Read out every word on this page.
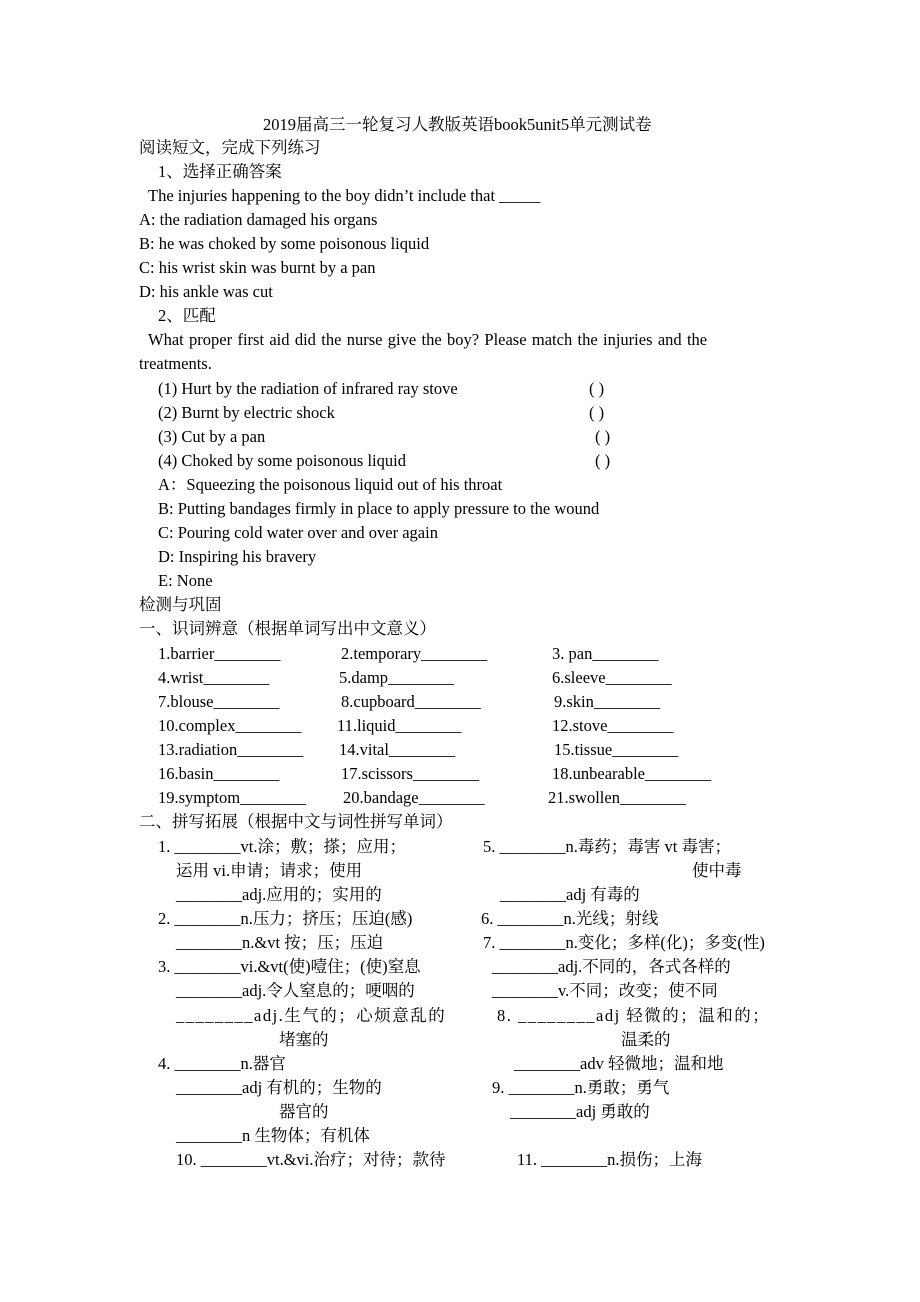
2019届高三一轮复习人教版英语book5unit5单元测试卷
阅读短文，完成下列练习
1、选择正确答案
The injuries happening to the boy didn’t include that _____
A: the radiation damaged his organs
B: he was choked by some poisonous liquid
C: his wrist skin was burnt by a pan
D: his ankle was cut
2、匹配
What proper first aid did the nurse give the boy? Please match the injuries and the
treatments.
(1) Hurt by the radiation of infrared ray stove	( )
(2) Burnt by electric shock	( )
(3) Cut by a pan	( )
(4) Choked by some poisonous liquid	( )
A：Squeezing the poisonous liquid out of his throat
B: Putting bandages firmly in place to apply pressure to the wound
C: Pouring cold water over and over again
D: Inspiring his bravery
E: None
检测与巩固
一、识词辨意（根据单词写出中文意义）
1.barrier________	2.temporary________	3. pan________
4.wrist________	5.damp________	6.sleeve________
7.blouse________	8.cupboard________	9.skin________
10.complex________ 11.liquid________	12.stove________
13.radiation________ 14.vital________	15.tissue________
16.basin________	17.scissors________	18.unbearable________
19.symptom________ 20.bandage________	21.swollen________
二、拼写拓展（根据中文与词性拼写单词）
1. ________vt.涂；敷；搽；应用；	5. ________n.毒药；毒害 vt 毒害；
运用 vi.申请；请求；使用	使中毒
________adj.应用的；实用的	________adj 有毒的
2. ________n.压力；挤压；压迫(感)	6. ________n.光线；射线
________n.&vt 按；压；压迫	7. ________n.变化；多样(化)；多变(性)
3. ________vi.&vt(使)噎住；(使)窒息	________adj.不同的，各式各样的
________adj.令人窒息的；哽咽的	________v.不同；改变；使不同
________adj.生气的；心烦意乱的	8. ________adj 轻微的；温和的；
堵塞的	温柔的
4. ________n.器官	________adv 轻微地；温和地
________adj 有机的；生物的	9. ________n.勇敢；勇气
器官的	________adj 勇敢的
________n 生物体；有机体
10. ________vt.&vi.治疗；对待；款待	11. ________n.损伤；上海
